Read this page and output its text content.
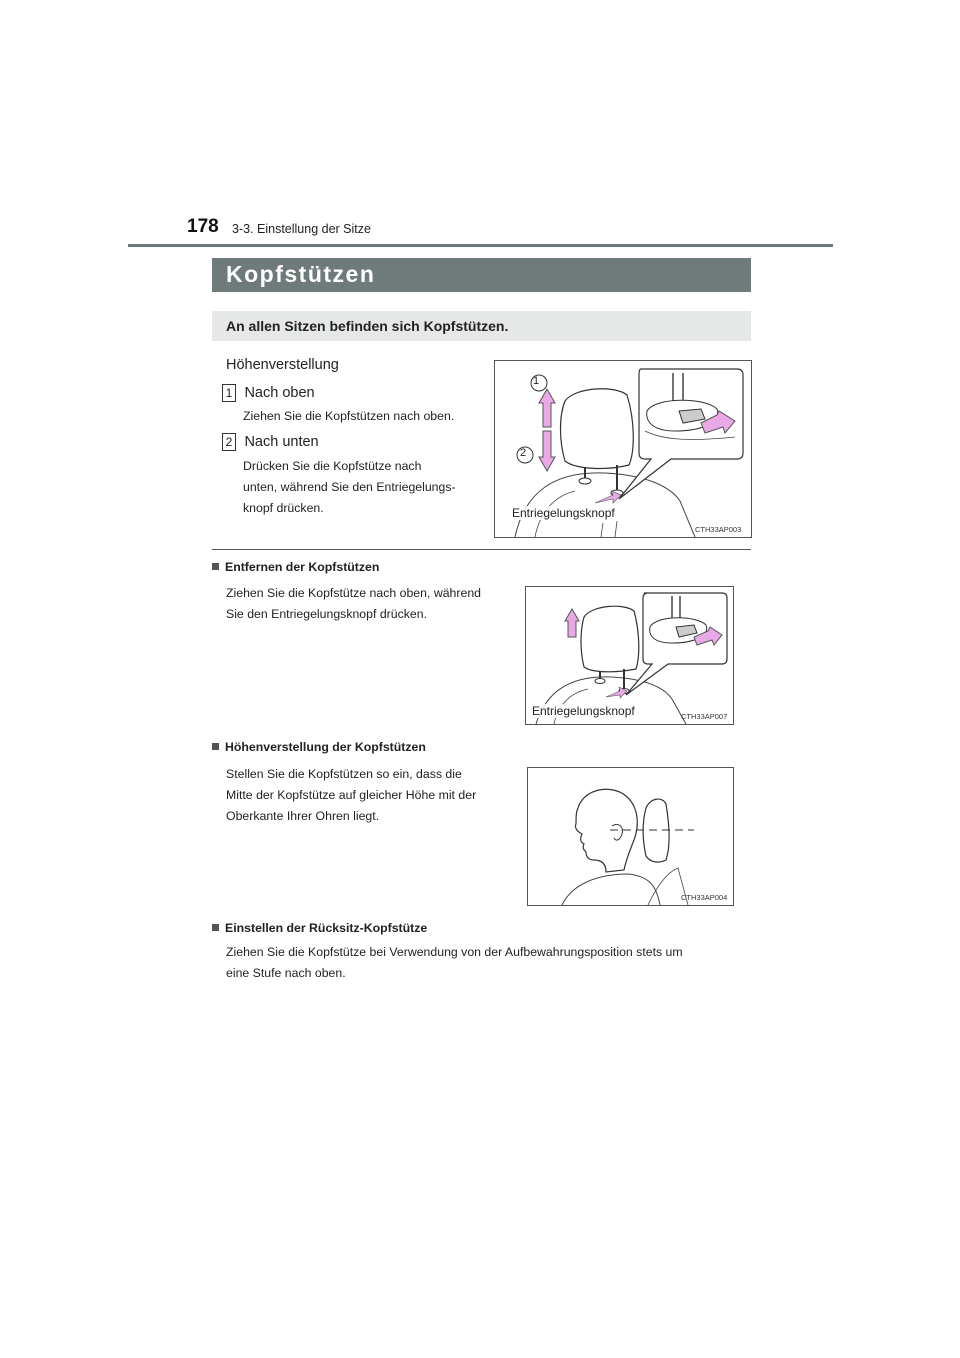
178 3-3. Einstellung der Sitze
Kopfstützen
An allen Sitzen befinden sich Kopfstützen.
Höhenverstellung
1 Nach oben
Ziehen Sie die Kopfstützen nach oben.
2 Nach unten
Drücken Sie die Kopfstütze nach
unten, während Sie den Entriegelungs-
knopf drücken.
1
2
Entriegelungsknopf
CTH33AP003
Entfernen der Kopfstützen
Ziehen Sie die Kopfstütze nach oben, während
Sie den Entriegelungsknopf drücken.
Entriegelungsknopf	CTH33AP007
Höhenverstellung der Kopfstützen
Stellen Sie die Kopfstützen so ein, dass die
Mitte der Kopfstütze auf gleicher Höhe mit der
Oberkante Ihrer Ohren liegt.
CTH33AP004
Einstellen der Rücksitz-Kopfstütze
Ziehen Sie die Kopfstütze bei Verwendung von der Aufbewahrungsposition stets um
eine Stufe nach oben.
